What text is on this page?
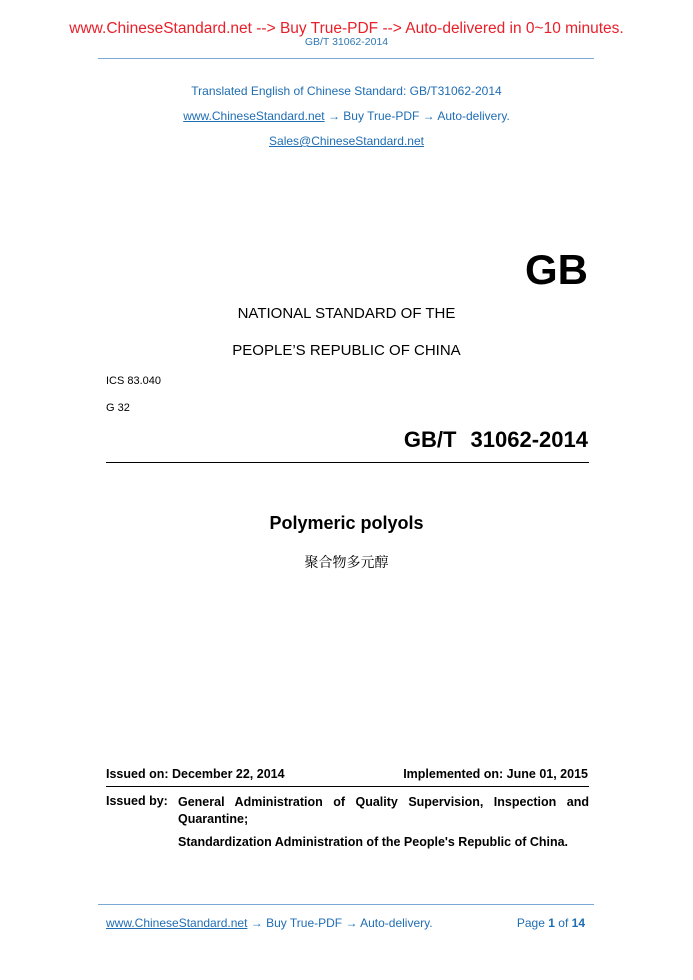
www.ChineseStandard.net --> Buy True-PDF --> Auto-delivered in 0~10 minutes.
GB/T 31062-2014
Translated English of Chinese Standard: GB/T31062-2014
www.ChineseStandard.net → Buy True-PDF → Auto-delivery.
Sales@ChineseStandard.net
GB
NATIONAL STANDARD OF THE
PEOPLE’S REPUBLIC OF CHINA
ICS 83.040
G 32
GB/T 31062-2014
Polymeric polyols
聚合物多元醇
Issued on: December 22, 2014	Implemented on: June 01, 2015
Issued by: General Administration of Quality Supervision, Inspection and Quarantine;

Standardization Administration of the People's Republic of China.

www.ChineseStandard.net → Buy True-PDF → Auto-delivery.	Page 1 of 14
